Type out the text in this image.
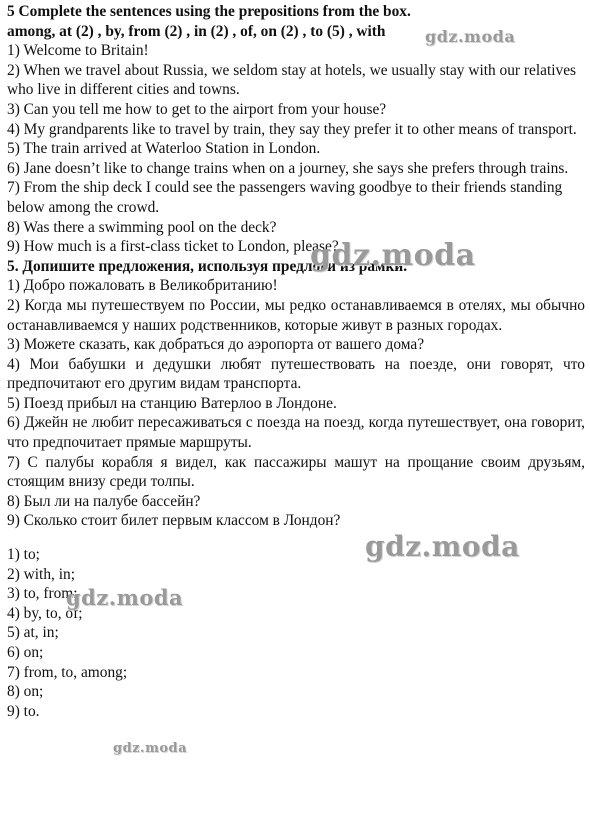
5 Complete the sentences using the prepositions from the box.
among, at (2) , by, from (2) , in (2) , of, on (2) , to (5) , with
1) Welcome to Britain!
2) When we travel about Russia, we seldom stay at hotels, we usually stay with our relatives who live in different cities and towns.
3) Can you tell me how to get to the airport from your house?
4) My grandparents like to travel by train, they say they prefer it to other means of transport.
5) The train arrived at Waterloo Station in London.
6) Jane doesn’t like to change trains when on a journey, she says she prefers through trains.
7) From the ship deck I could see the passengers waving goodbye to their friends standing below among the crowd.
8) Was there a swimming pool on the deck?
9) How much is a first-class ticket to London, please?
5. Допишите предложения, используя предлоги из рамки.
1) Добро пожаловать в Великобританию!
2) Когда мы путешествуем по России, мы редко останавливаемся в отелях, мы обычно останавливаемся у наших родственников, которые живут в разных городах.
3) Можете сказать, как добраться до аэропорта от вашего дома?
4) Мои бабушки и дедушки любят путешествовать на поезде, они говорят, что предпочитают его другим видам транспорта.
5) Поезд прибыл на станцию Ватерлоо в Лондоне.
6) Джейн не любит пересаживаться с поезда на поезд, когда путешествует, она говорит, что предпочитает прямые маршруты.
7) С палубы корабля я видел, как пассажиры машут на прощание своим друзьям, стоящим внизу среди толпы.
8) Был ли на палубе бассейн?
9) Сколько стоит билет первым классом в Лондон?
1) to;
2) with, in;
3) to, from;
4) by, to, of;
5) at, in;
6) on;
7) from, to, among;
8) on;
9) to.
gdz.moda
gdz.moda
gdz.moda
gdz.moda
gdz.moda
